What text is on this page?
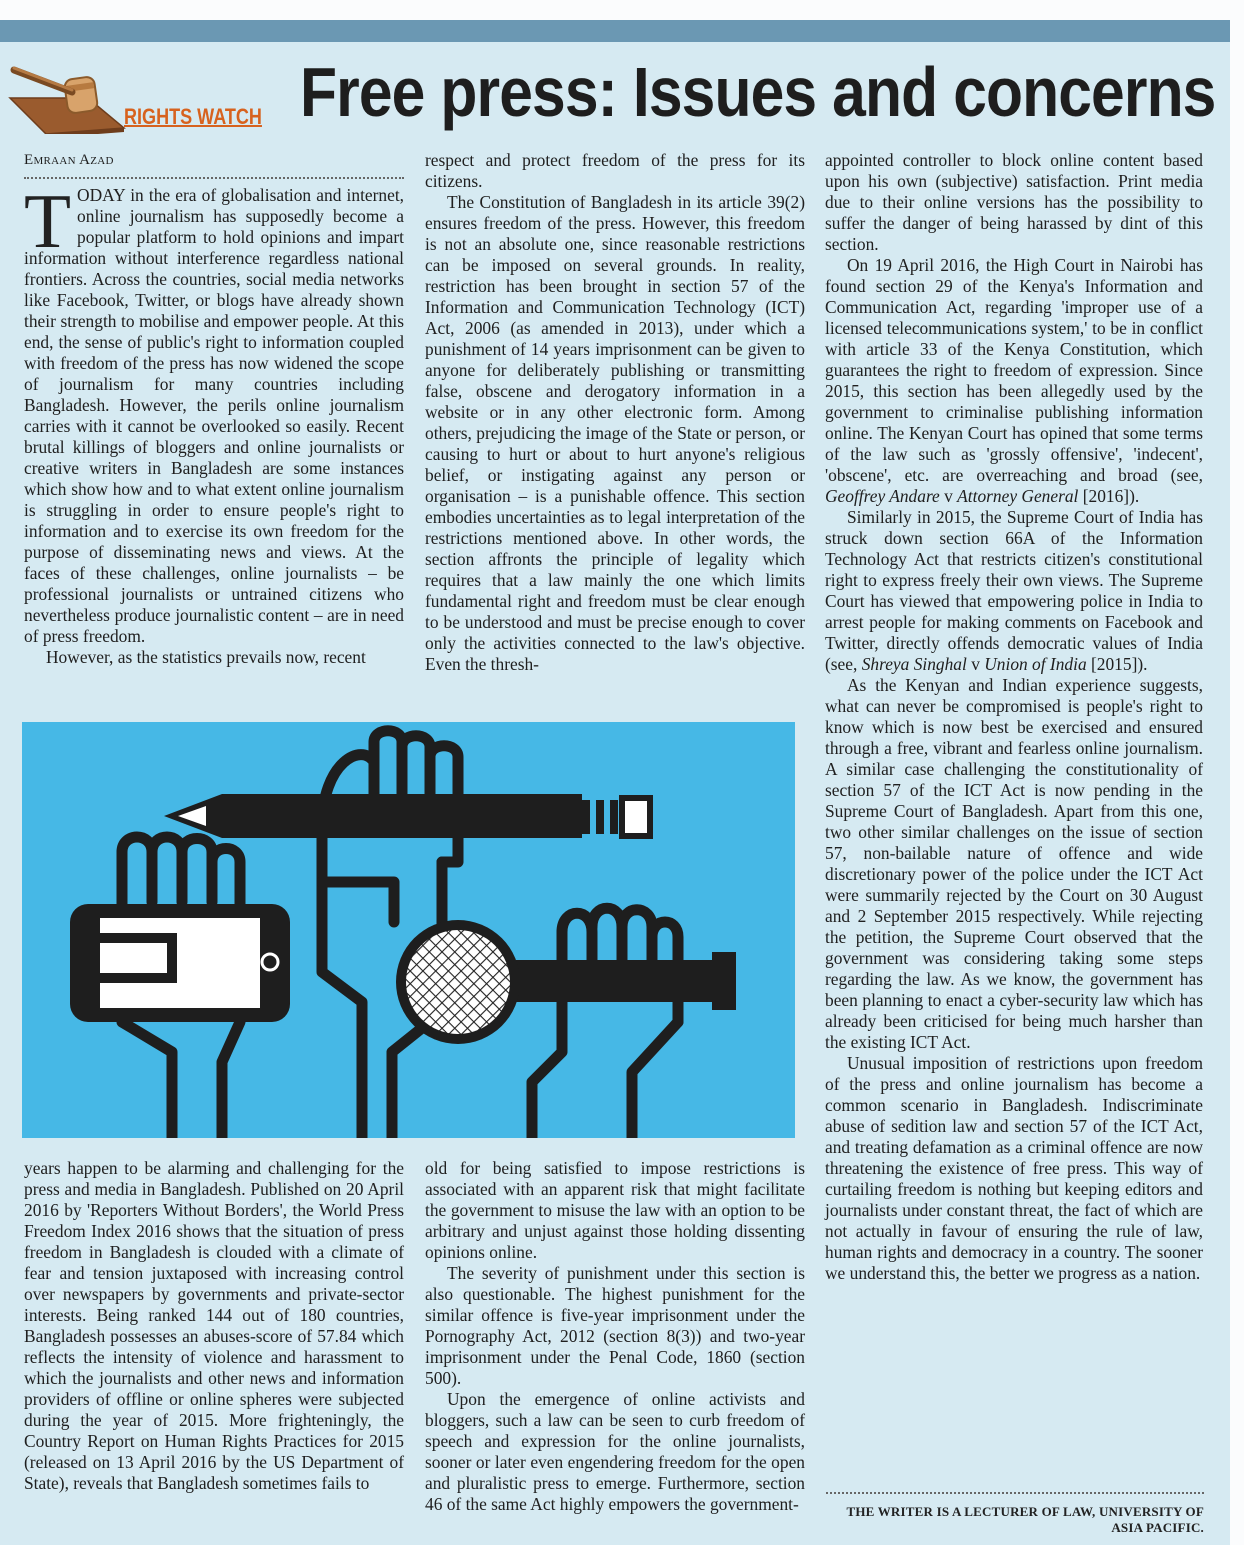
RIGHTS WATCH Free press: Issues and concerns
Emraan Azad

TODAY in the era of globalisation and internet, online journalism has supposedly become a popular platform to hold opinions and impart information without interference regardless national frontiers. Across the countries, social media networks like Facebook, Twitter, or blogs have already shown their strength to mobilise and empower people. At this end, the sense of public's right to information coupled with freedom of the press has now widened the scope of journalism for many countries including Bangladesh. However, the perils online journalism carries with it cannot be overlooked so easily. Recent brutal killings of bloggers and online journalists or creative writers in Bangladesh are some instances which show how and to what extent online journalism is struggling in order to ensure people's right to information and to exercise its own freedom for the purpose of disseminating news and views. At the faces of these challenges, online journalists – be professional journalists or untrained citizens who nevertheless produce journalistic content – are in need of press freedom.

However, as the statistics prevails now, recent

respect and protect freedom of the press for its citizens.

The Constitution of Bangladesh in its article 39(2) ensures freedom of the press. However, this freedom is not an absolute one, since reasonable restrictions can be imposed on several grounds. In reality, restriction has been brought in section 57 of the Information and Communication Technology (ICT) Act, 2006 (as amended in 2013), under which a punishment of 14 years imprisonment can be given to anyone for deliberately publishing or transmitting false, obscene and derogatory information in a website or in any other electronic form. Among others, prejudicing the image of the State or person, or causing to hurt or about to hurt anyone's religious belief, or instigating against any person or organisation – is a punishable offence. This section embodies uncertainties as to legal interpretation of the restrictions mentioned above. In other words, the section affronts the principle of legality which requires that a law mainly the one which limits fundamental right and freedom must be clear enough to be understood and must be precise enough to cover only the activities connected to the law's objective. Even the thresh-

years happen to be alarming and challenging for the press and media in Bangladesh. Published on 20 April 2016 by 'Reporters Without Borders', the World Press Freedom Index 2016 shows that the situation of press freedom in Bangladesh is clouded with a climate of fear and tension juxtaposed with increasing control over newspapers by governments and private-sector interests. Being ranked 144 out of 180 countries, Bangladesh possesses an abuses-score of 57.84 which reflects the intensity of violence and harassment to which the journalists and other news and information providers of offline or online spheres were subjected during the year of 2015. More frighteningly, the Country Report on Human Rights Practices for 2015 (released on 13 April 2016 by the US Department of State), reveals that Bangladesh sometimes fails to

old for being satisfied to impose restrictions is associated with an apparent risk that might facilitate the government to misuse the law with an option to be arbitrary and unjust against those holding dissenting opinions online.

The severity of punishment under this section is also questionable. The highest punishment for the similar offence is five-year imprisonment under the Pornography Act, 2012 (section 8(3)) and two-year imprisonment under the Penal Code, 1860 (section 500).

Upon the emergence of online activists and bloggers, such a law can be seen to curb freedom of speech and expression for the online journalists, sooner or later even engendering freedom for the open and pluralistic press to emerge. Furthermore, section 46 of the same Act highly empowers the government-

appointed controller to block online content based upon his own (subjective) satisfaction. Print media due to their online versions has the possibility to suffer the danger of being harassed by dint of this section.

On 19 April 2016, the High Court in Nairobi has found section 29 of the Kenya's Information and Communication Act, regarding 'improper use of a licensed telecommunications system,' to be in conflict with article 33 of the Kenya Constitution, which guarantees the right to freedom of expression. Since 2015, this section has been allegedly used by the government to criminalise publishing information online. The Kenyan Court has opined that some terms of the law such as 'grossly offensive', 'indecent', 'obscene', etc. are overreaching and broad (see, Geoffrey Andare v Attorney General [2016]).

Similarly in 2015, the Supreme Court of India has struck down section 66A of the Information Technology Act that restricts citizen's constitutional right to express freely their own views. The Supreme Court has viewed that empowering police in India to arrest people for making comments on Facebook and Twitter, directly offends democratic values of India (see, Shreya Singhal v Union of India [2015]).

As the Kenyan and Indian experience suggests, what can never be compromised is people's right to know which is now best be exercised and ensured through a free, vibrant and fearless online journalism. A similar case challenging the constitutionality of section 57 of the ICT Act is now pending in the Supreme Court of Bangladesh. Apart from this one, two other similar challenges on the issue of section 57, non-bailable nature of offence and wide discretionary power of the police under the ICT Act were summarily rejected by the Court on 30 August and 2 September 2015 respectively. While rejecting the petition, the Supreme Court observed that the government was considering taking some steps regarding the law. As we know, the government has been planning to enact a cyber-security law which has already been criticised for being much harsher than the existing ICT Act.

Unusual imposition of restrictions upon freedom of the press and online journalism has become a common scenario in Bangladesh. Indiscriminate abuse of sedition law and section 57 of the ICT Act, and treating defamation as a criminal offence are now threatening the existence of free press. This way of curtailing freedom is nothing but keeping editors and journalists under constant threat, the fact of which are not actually in favour of ensuring the rule of law, human rights and democracy in a country. The sooner we understand this, the better we progress as a nation.

THE WRITER IS A LECTURER OF LAW, UNIVERSITY OF ASIA PACIFIC.
